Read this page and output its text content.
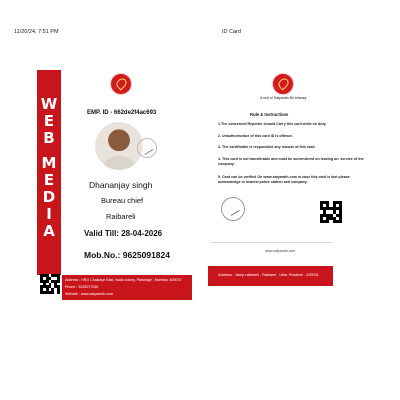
11/20/24, 7:51 PM	ID Card
W
E
B
M
E
D
I
A
EMP. ID - 662de2f4ac693
Dhananjay singh
Bureau chief
Raibareli
Valid Till: 28-04-2026
Mob.No.: 9625091824
Address : HRG Chalkaye East, Naila colony, Parlwage , Mumbai, 400070
Phone : 9225077090
Website : www.satyaresh.com
A unit of Satyarath Bh bhansa
Rule & Instructions
1.The concerned Reporter should Carry this card while on duty.
2. Unauthorisedue of this card ID is offence.
3. The cardHolder is responsible any misuse of this card.
4. This card is not transferable and must be surrendered on leaving on. service of the company.
5. Card can be verified On www.satyarath.com in case this card is lost please acknowledge in nearest police station and company.
www.satyarath.com
Address : Jamp raibareli , Raibarel , Uttar Pradesh - 229001
